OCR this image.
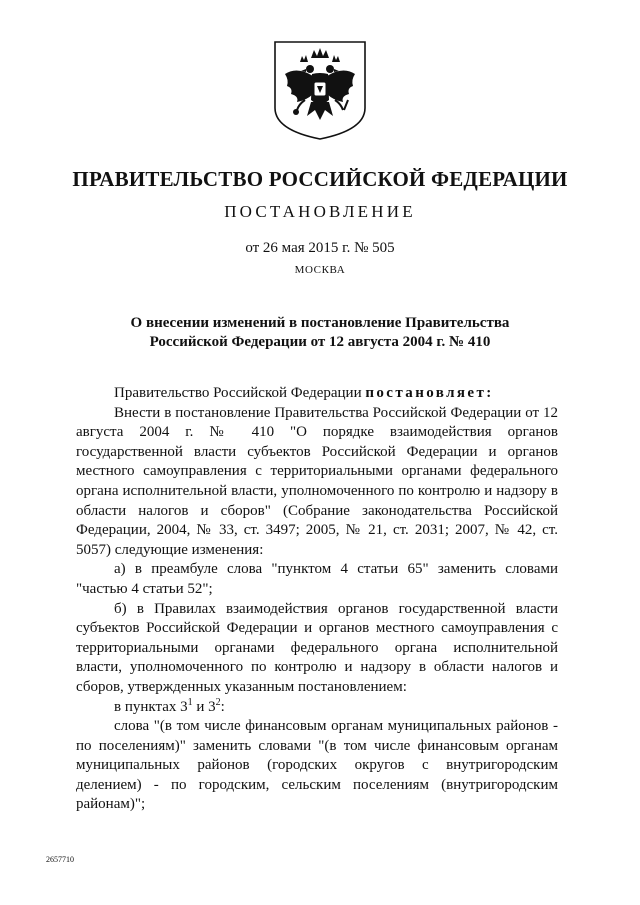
ПРАВИТЕЛЬСТВО РОССИЙСКОЙ ФЕДЕРАЦИИ
ПОСТАНОВЛЕНИЕ
от 26 мая 2015 г. № 505
МОСКВА
О внесении изменений в постановление Правительства
Российской Федерации от 12 августа 2004 г. № 410

Правительство Российской Федерации постановляет:

Внести в постановление Правительства Российской Федерации от 12 августа 2004 г. № 410 "О порядке взаимодействия органов государственной власти субъектов Российской Федерации и органов местного самоуправления с территориальными органами федерального органа исполнительной власти, уполномоченного по контролю и надзору в области налогов и сборов" (Собрание законодательства Российской Федерации, 2004, № 33, ст. 3497; 2005, № 21, ст. 2031; 2007, № 42, ст. 5057) следующие изменения:

а) в преамбуле слова "пунктом 4 статьи 65" заменить словами "частью 4 статьи 52";

б) в Правилах взаимодействия органов государственной власти субъектов Российской Федерации и органов местного самоуправления с территориальными органами федерального органа исполнительной власти, уполномоченного по контролю и надзору в области налогов и сборов, утвержденных указанным постановлением:

в пунктах $3^1$ и $3^2$:

слова "(в том числе финансовым органам муниципальных районов - по поселениям)" заменить словами "(в том числе финансовым органам муниципальных районов (городских округов с внутригородским делением) - по городским, сельским поселениям (внутригородским районам)";

2657710
